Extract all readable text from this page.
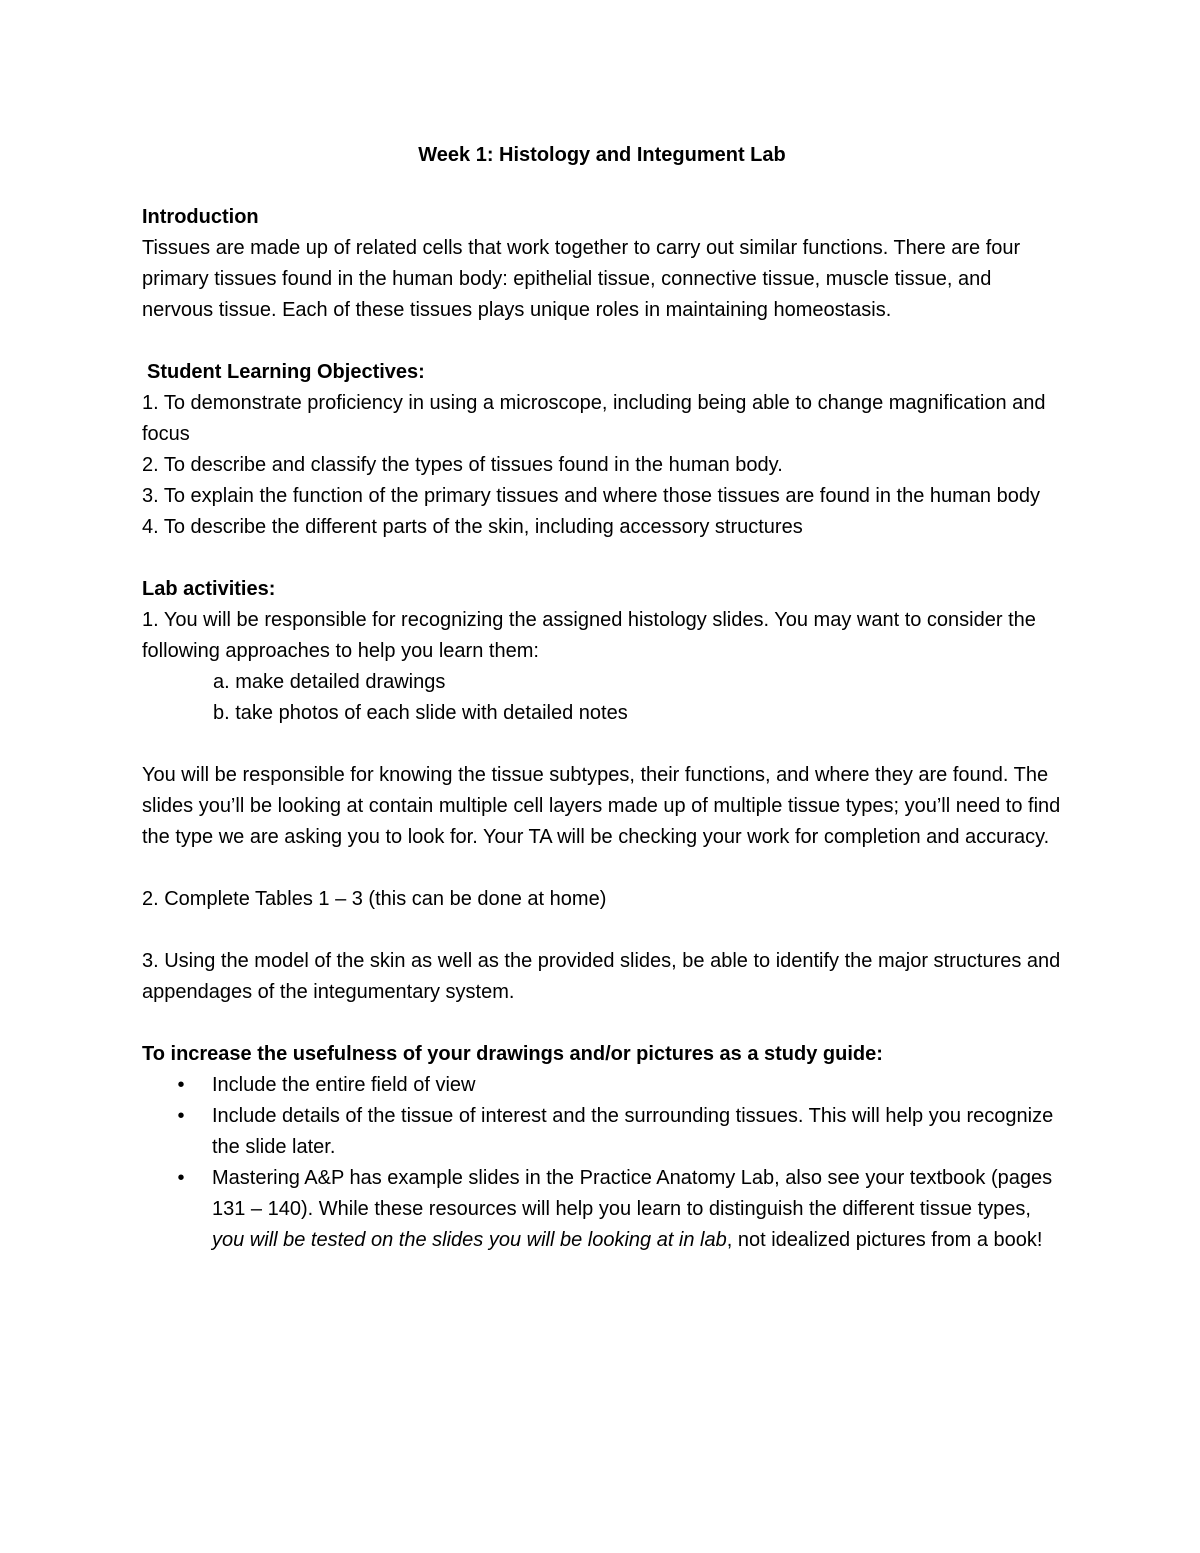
Week 1: Histology and Integument Lab

Introduction

Tissues are made up of related cells that work together to carry out similar functions. There are four primary tissues found in the human body: epithelial tissue, connective tissue, muscle tissue, and nervous tissue. Each of these tissues plays unique roles in maintaining homeostasis.

Student Learning Objectives:

1. To demonstrate proficiency in using a microscope, including being able to change magnification and focus

2. To describe and classify the types of tissues found in the human body.

3. To explain the function of the primary tissues and where those tissues are found in the human body

4. To describe the different parts of the skin, including accessory structures

Lab activities:

1. You will be responsible for recognizing the assigned histology slides. You may want to consider the following approaches to help you learn them:

a. make detailed drawings

b. take photos of each slide with detailed notes

You will be responsible for knowing the tissue subtypes, their functions, and where they are found. The slides you’ll be looking at contain multiple cell layers made up of multiple tissue types; you’ll need to find the type we are asking you to look for. Your TA will be checking your work for completion and accuracy.

2. Complete Tables 1 – 3 (this can be done at home)

3. Using the model of the skin as well as the provided slides, be able to identify the major structures and appendages of the integumentary system.

To increase the usefulness of your drawings and/or pictures as a study guide:

• Include the entire field of view
• Include details of the tissue of interest and the surrounding tissues. This will help you recognize the slide later.
• Mastering A&P has example slides in the Practice Anatomy Lab, also see your textbook (pages 131 – 140). While these resources will help you learn to distinguish the different tissue types, you will be tested on the slides you will be looking at in lab, not idealized pictures from a book!
